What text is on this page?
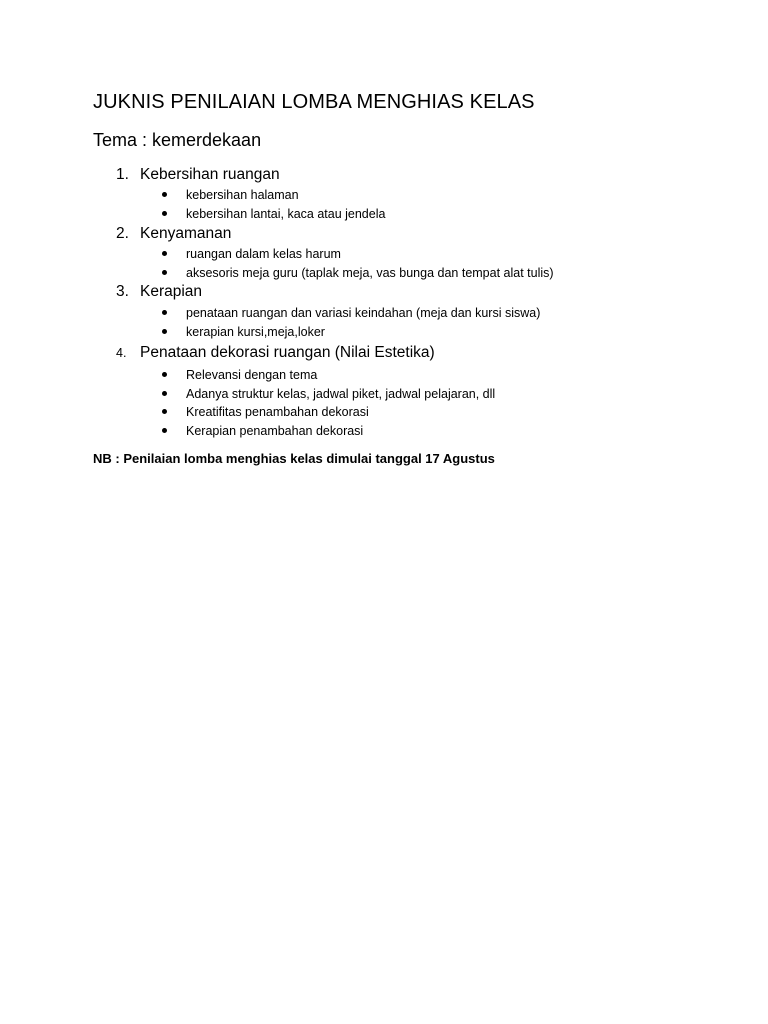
JUKNIS PENILAIAN LOMBA MENGHIAS KELAS
Tema : kemerdekaan
1. Kebersihan ruangan
kebersihan halaman
kebersihan lantai, kaca atau jendela
2. Kenyamanan
ruangan dalam kelas harum
aksesoris meja guru (taplak meja, vas bunga dan tempat alat tulis)
3. Kerapian
penataan ruangan dan variasi keindahan (meja dan kursi siswa)
kerapian kursi,meja,loker
4. Penataan dekorasi ruangan (Nilai Estetika)
Relevansi dengan tema
Adanya struktur kelas, jadwal piket, jadwal pelajaran, dll
Kreatifitas penambahan dekorasi
Kerapian penambahan dekorasi
NB : Penilaian lomba menghias kelas dimulai tanggal 17 Agustus
